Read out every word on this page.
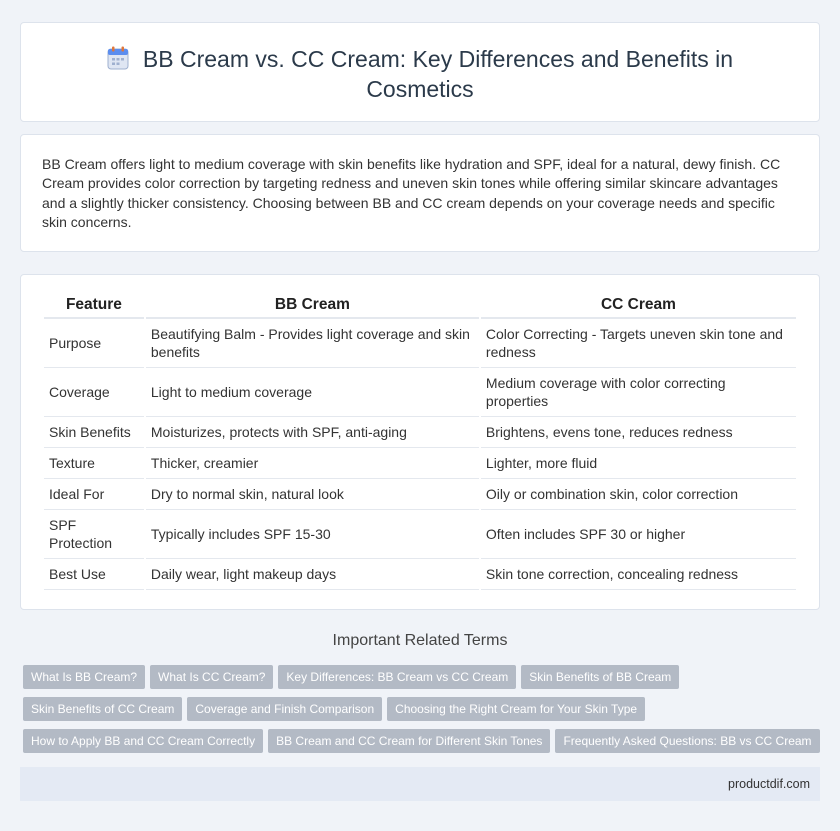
BB Cream vs. CC Cream: Key Differences and Benefits in
Cosmetics

BB Cream offers light to medium coverage with skin benefits like hydration and SPF, ideal for a natural, dewy finish. CC Cream provides color correction by targeting redness and uneven skin tones while offering similar skincare advantages and a slightly thicker consistency. Choosing between BB and CC cream depends on your coverage needs and specific skin concerns.

Feature	BB Cream	CC Cream
Purpose	Beautifying Balm - Provides light coverage and skin benefits	Color Correcting - Targets uneven skin tone and redness
Coverage	Light to medium coverage	Medium coverage with color correcting properties
Skin Benefits	Moisturizes, protects with SPF, anti-aging	Brightens, evens tone, reduces redness
Texture	Thicker, creamier	Lighter, more fluid
Ideal For	Dry to normal skin, natural look	Oily or combination skin, color correction
SPF Protection	Typically includes SPF 15-30	Often includes SPF 30 or higher
Best Use	Daily wear, light makeup days	Skin tone correction, concealing redness
Important Related Terms
What Is BB Cream? What Is CC Cream? Key Differences: BB Cream vs CC Cream Skin Benefits of BB Cream
Skin Benefits of CC Cream Coverage and Finish Comparison Choosing the Right Cream for Your Skin Type
How to Apply BB and CC Cream Correctly BB Cream and CC Cream for Different Skin Tones Frequently Asked Questions: BB vs CC Cream
productdif.com
